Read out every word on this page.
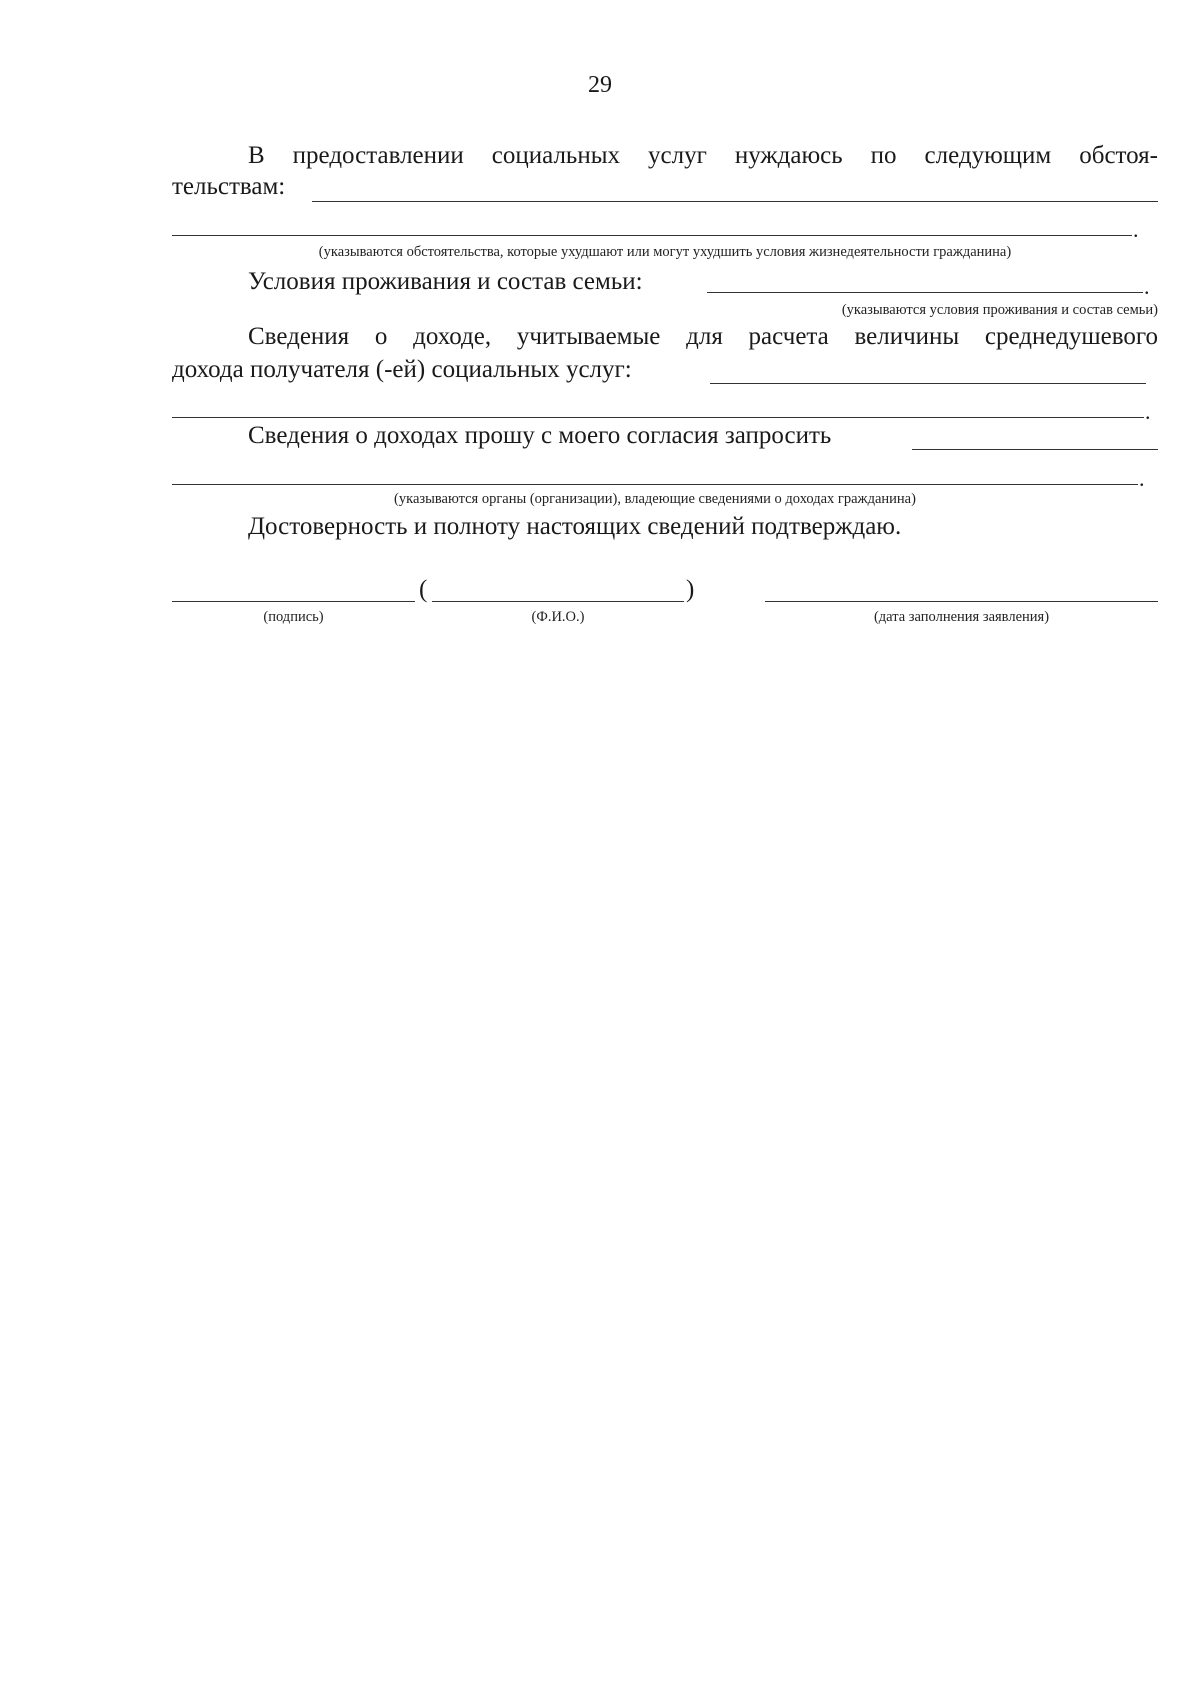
29
В предоставлении социальных услуг нуждаюсь по следующим обстоя-
тельствам:
.
(указываются обстоятельства, которые ухудшают или могут ухудшить условия жизнедеятельности гражданина)
Условия проживания и состав семьи:	.
(указываются условия проживания и состав семьи)
Сведения о доходе, учитываемые для расчета величины среднедушевого
дохода получателя (-ей) социальных услуг:
.
Сведения о доходах прошу с моего согласия запросить
.
(указываются органы (организации), владеющие сведениями о доходах гражданина)
Достоверность и полноту настоящих сведений подтверждаю.
(	)
(подпись)	(Ф.И.О.)	(дата заполнения заявления)
